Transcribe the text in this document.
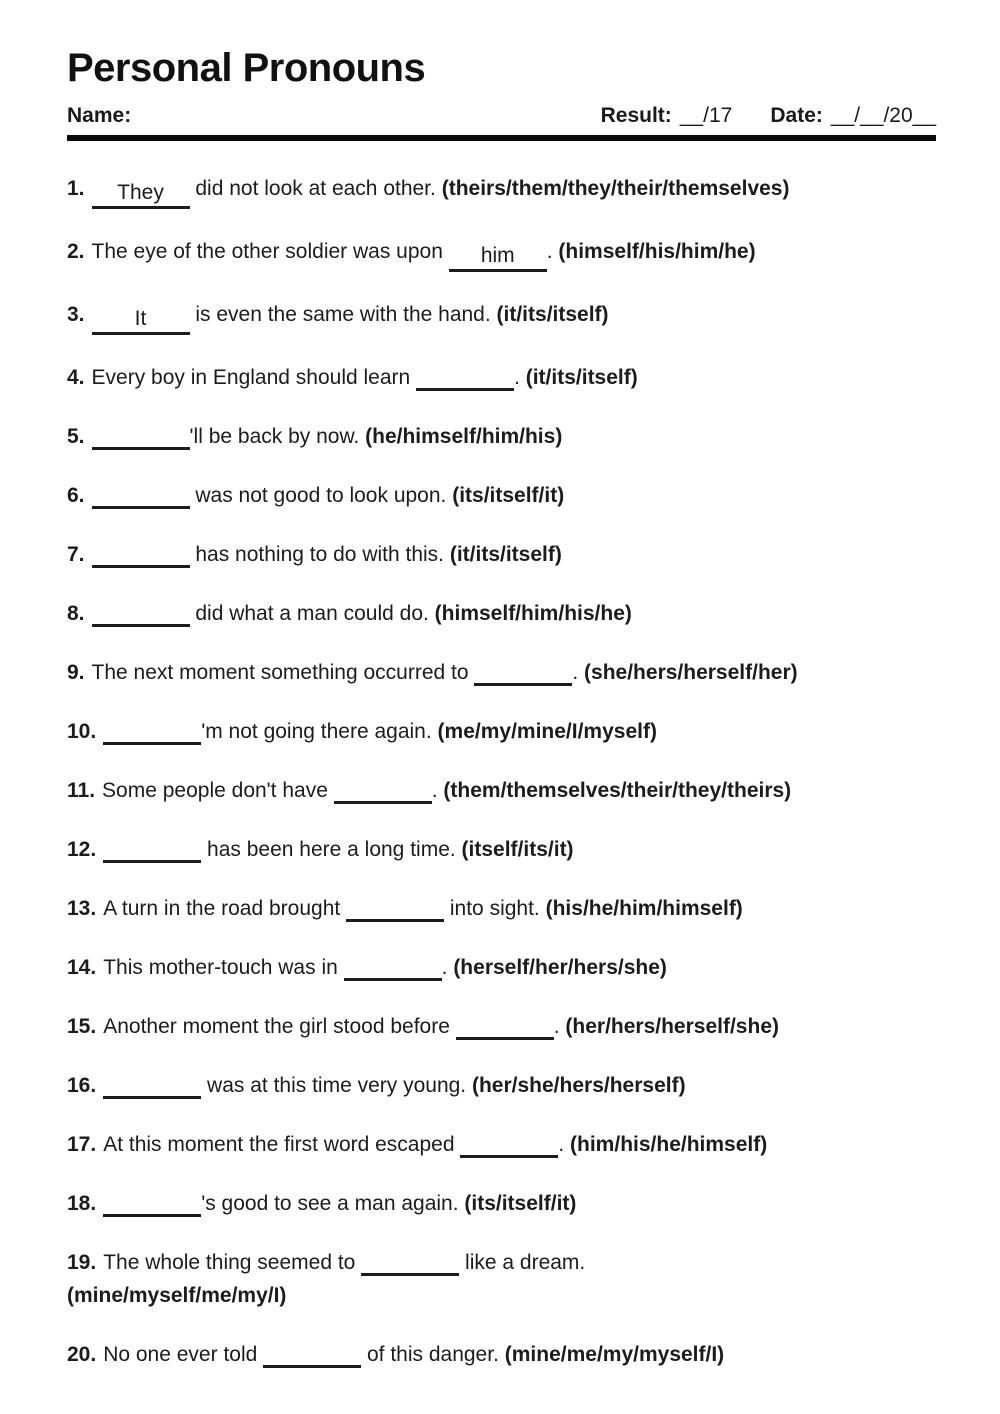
Personal Pronouns
Name:	Result: __/17 Date: __/__/20__
1. They did not look at each other. (theirs/them/they/their/themselves)
2. The eye of the other soldier was upon him . (himself/his/him/he)
3. It is even the same with the hand. (it/its/itself)
4. Every boy in England should learn	. (it/its/itself)
5.	'll be back by now. (he/himself/him/his)
6.	was not good to look upon. (its/itself/it)
7.	has nothing to do with this. (it/its/itself)
8.	did what a man could do. (himself/him/his/he)
9. The next moment something occurred to	. (she/hers/herself/her)
10.	'm not going there again. (me/my/mine/I/myself)
11. Some people don't have	. (them/themselves/their/they/theirs)
12.	has been here a long time. (itself/its/it)
13. A turn in the road brought	into sight. (his/he/him/himself)
14. This mother-touch was in	. (herself/her/hers/she)
15. Another moment the girl stood before	. (her/hers/herself/she)
16.	was at this time very young. (her/she/hers/herself)
17. At this moment the first word escaped	. (him/his/he/himself)
18.	's good to see a man again. (its/itself/it)
19. The whole thing seemed to	like a dream.
(mine/myself/me/my/I)
20. No one ever told	of this danger. (mine/me/my/myself/I)
